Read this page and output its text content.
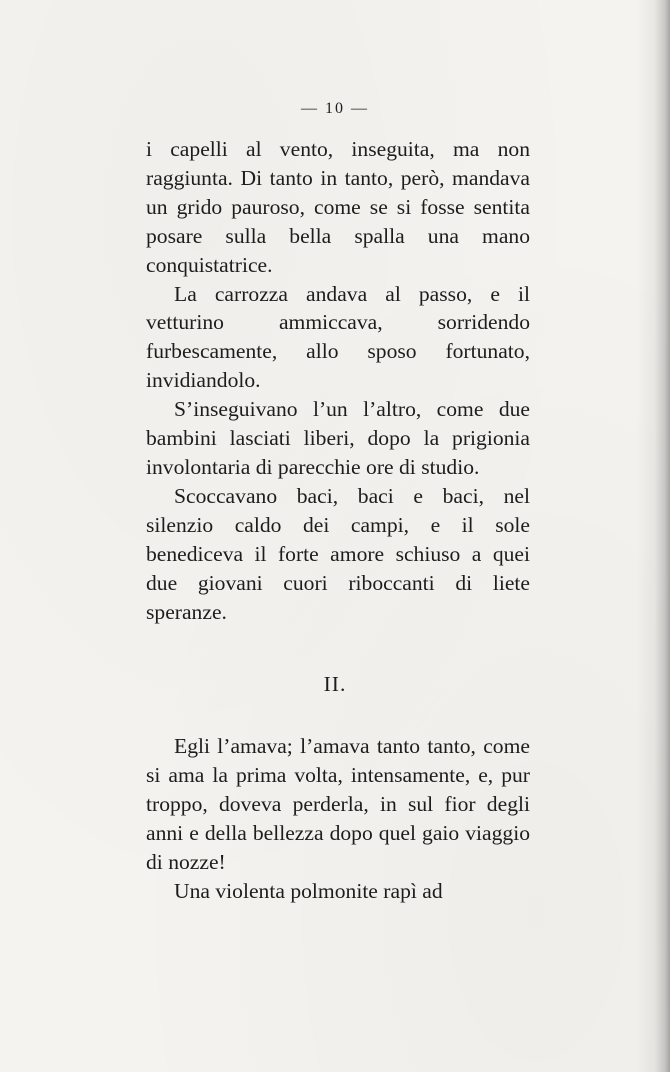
— 10 —

i capelli al vento, inseguita, ma non raggiunta. Di tanto in tanto, però, mandava un grido pauroso, come se si fosse sentita posare sulla bella spalla una mano conquistatrice.

La carrozza andava al passo, e il vetturino ammiccava, sorridendo furbescamente, allo sposo fortunato, invidiandolo.

S’inseguivano l’un l’altro, come due bambini lasciati liberi, dopo la prigionia involontaria di parecchie ore di studio.

Scoccavano baci, baci e baci, nel silenzio caldo dei campi, e il sole benediceva il forte amore schiuso a quei due giovani cuori riboccanti di liete speranze.

II.

Egli l’amava; l’amava tanto tanto, come si ama la prima volta, intensamente, e, pur troppo, doveva perderla, in sul fior degli anni e della bellezza dopo quel gaio viaggio di nozze!

Una violenta polmonite rapì ad
